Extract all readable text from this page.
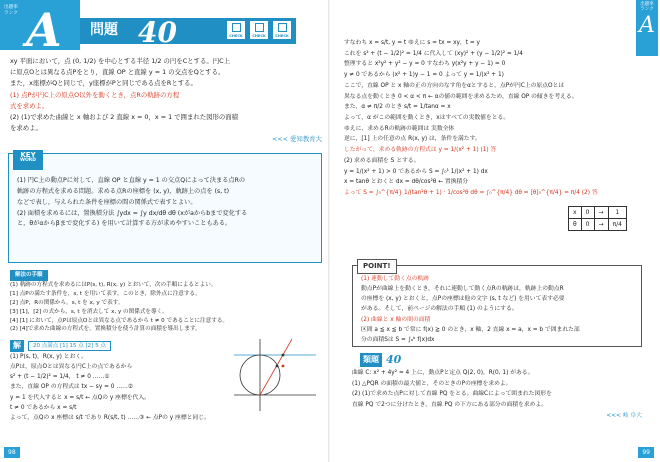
出題率
ランク A 問題 40	CHECK	CHECK	CHECK
xy 平面において，点 (0, 1/2) を中心とする半径 1/2 の円をCとする。円C上
に原点Oとは異なる点Pをとり，直線 OP と直線 y = 1 の交点をQとする。
また，x座標がQと同じで，y座標がPと同じである点をRとする。
(1) 点Pが円C上の原点O以外を動くとき，点Rの軌跡の方程
式を求めよ。
(2) (1)で求めた曲線と x 軸および 2 直線 x = 0，x = 1 で囲まれた図形の面積
を求めよ。
<<< 愛知教育大
KEY
WORD
(1) 円C上の動点Pに対して，直線 OP と直線 y = 1 の交点Qによって決まる点Rの
軌跡の方程式を求める問題。求める点Rの座標を (x, y)，軌跡上の点を (s, t)
などで表し，与えられた条件を座標の間の関係式で表すとよい。
(2) 面積を求めるには，置換積分法 ∫ydx = ∫y dx/dθ dθ (xがaからbまで変化する
と，θがαからβまで変化する) を用いて計算する方が求めやすいこともある。
解法の手順
(1) 軌跡の方程式を求めるにはP(s, t), R(x, y) とおいて，次の手順によるとよい。
[1] 点Pの満たす条件を，s, t を用いて表す。このとき，除外点に注意する。
[2] 点P，Rの関係から，s, t を x, y で表す。
[3] [1]，[2] の式から，s, t を消去して x, y の関係式を導く。
[4] [1] において，点Pは原点Oとは異なる点であるから t ≠ 0 であることに注意する。
(2) [4]で求めた曲線の方程式を，置換積分を使う計算の面積を導出します。
解	20 点満点 [1] 15 点 [2] 5 点
(1) P(s, t)，R(x, y) とおく。
点Pは，原点Oとは異なる円C上の点であるから
s² + (t − 1/2)² = 1/4， t ≠ 0 ……①
また，直線 OP の方程式は tx − sy = 0 ……②
y = 1 を代入すると x = s/t ← 点Qの y 座標を代入。
t ≠ 0 であるから x = s/t
よって，点Qの x 座標は s/t であり R(s/t, t) ……③ ← 点Pの y 座標と同じ。
98
出題率
ランク
A
すなわち x = s/t, y = t ゆえに s = tx = xy，t = y
これを s² + (t − 1/2)² = 1/4 に代入して (xy)² + (y − 1/2)² = 1/4
整理すると x²y² + y² − y = 0 すなわち y(x²y + y − 1) = 0
y ≠ 0 であるから (x² + 1)y − 1 = 0 よって y = 1/(x² + 1)
ここで，直線 OP と x 軸の正の方向のなす角をαとすると，点Pが円C上の原点Oとは
異なる点を動くとき 0 < α < π ← αの値の範囲を求めるため，直線 OP の傾きを考える。
また，α ≠ π/2 のとき s/t = 1/tanα = x
よって，α がこの範囲を動くとき，xはすべての実数値をとる。
ゆえに，求めるRの軌跡の範囲は 実数全体
逆に，[1] 上の任意の点 R(x, y) は，条件を満たす。
したがって，求める軌跡の方程式は y = 1/(x² + 1) (1) 答
(2) 求める面積を S とする。
y = 1/(x² + 1) > 0 であるから S = ∫₀¹ 1/(x² + 1) dx
x = tanθ とおくと dx = dθ/cos²θ ← 置換積分
よって S = ∫₀^{π/4} 1/(tan²θ + 1) · 1/cos²θ dθ = ∫₀^{π/4} dθ = [θ]₀^{π/4} = π/4 (2) 答
x	0	→	1
θ	0	→	π/4
POINT!
(1) 連動して動く点の軌跡
動点Pが曲線上を動くとき，それに連動して動く点Rの軌跡は，軌跡上の動点R
の座標を (x, y) とおくと，点Pの座標は他の文字 (s, t など) を用いて表す必要
がある。そして，前ページの解法の手順 (1) のようにする。
(2) 曲線と x 軸の間の面積
区間 a ≦ x ≦ b で常に f(x) ≧ 0 のとき，x 軸，2 直線 x = a，x = b で囲まれた部
分の面積Sは S = ∫ₐᵇ f(x)dx
類題 40
曲線 C: x² + 4y² = 4 上に，動点Pと定点 Q(2, 0)，R(0, 1) がある。
(1) △PQR の面積の最大値と，そのときのPの座標を求めよ。
(2) (1)で求めた点Pに対して直線 PQ をとる。曲線Cによって囲まれた図形を
直線 PQ で2つに分けたとき，直線 PQ の下方にある部分の面積を求めよ。
<<< 岐 阜大
99
